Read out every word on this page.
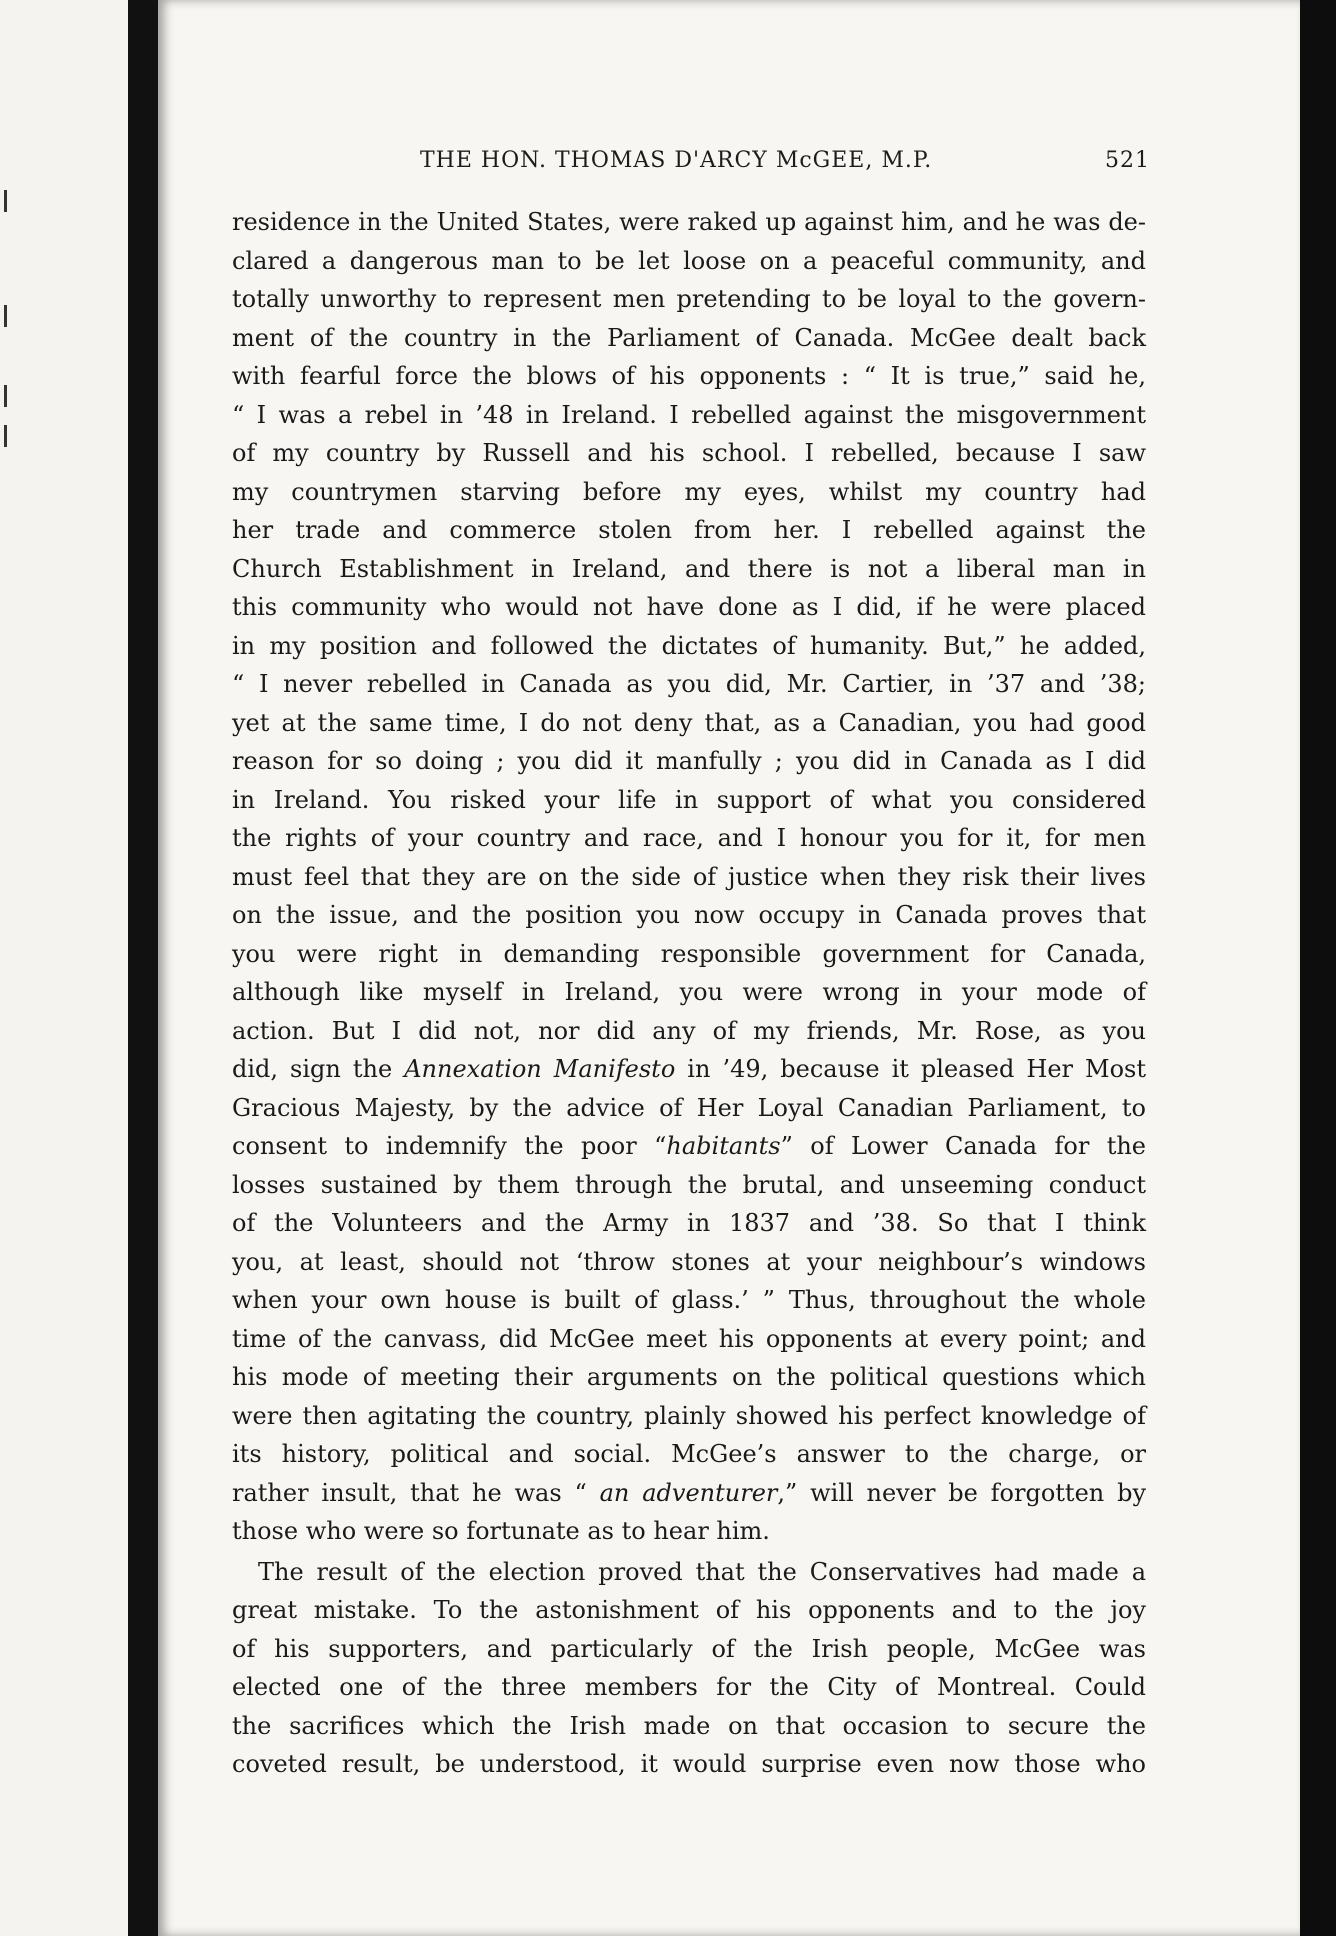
THE HON. THOMAS D'ARCY McGEE, M.P.	521
residence in the United States, were raked up against him, and he was de-
clared a dangerous man to be let loose on a peaceful community, and
totally unworthy to represent men pretending to be loyal to the govern-
ment of the country in the Parliament of Canada. McGee dealt back
with fearful force the blows of his opponents : “ It is true,” said he,
“ I was a rebel in ’48 in Ireland. I rebelled against the misgovernment
of my country by Russell and his school. I rebelled, because I saw
my countrymen starving before my eyes, whilst my country had
her trade and commerce stolen from her. I rebelled against the
Church Establishment in Ireland, and there is not a liberal man in
this community who would not have done as I did, if he were placed
in my position and followed the dictates of humanity. But,” he added,
“ I never rebelled in Canada as you did, Mr. Cartier, in ’37 and ’38;
yet at the same time, I do not deny that, as a Canadian, you had good
reason for so doing ; you did it manfully ; you did in Canada as I did
in Ireland. You risked your life in support of what you considered
the rights of your country and race, and I honour you for it, for men
must feel that they are on the side of justice when they risk their lives
on the issue, and the position you now occupy in Canada proves that
you were right in demanding responsible government for Canada,
although like myself in Ireland, you were wrong in your mode of
action. But I did not, nor did any of my friends, Mr. Rose, as you
did, sign the Annexation Manifesto in ’49, because it pleased Her Most
Gracious Majesty, by the advice of Her Loyal Canadian Parliament, to
consent to indemnify the poor “habitants” of Lower Canada for the
losses sustained by them through the brutal, and unseeming conduct
of the Volunteers and the Army in 1837 and ’38. So that I think
you, at least, should not ‘throw stones at your neighbour’s windows
when your own house is built of glass.’ ” Thus, throughout the whole
time of the canvass, did McGee meet his opponents at every point; and
his mode of meeting their arguments on the political questions which
were then agitating the country, plainly showed his perfect knowledge of
its history, political and social. McGee’s answer to the charge, or
rather insult, that he was “ an adventurer,” will never be forgotten by
those who were so fortunate as to hear him.
The result of the election proved that the Conservatives had made a
great mistake. To the astonishment of his opponents and to the joy
of his supporters, and particularly of the Irish people, McGee was
elected one of the three members for the City of Montreal. Could
the sacrifices which the Irish made on that occasion to secure the
coveted result, be understood, it would surprise even now those who
